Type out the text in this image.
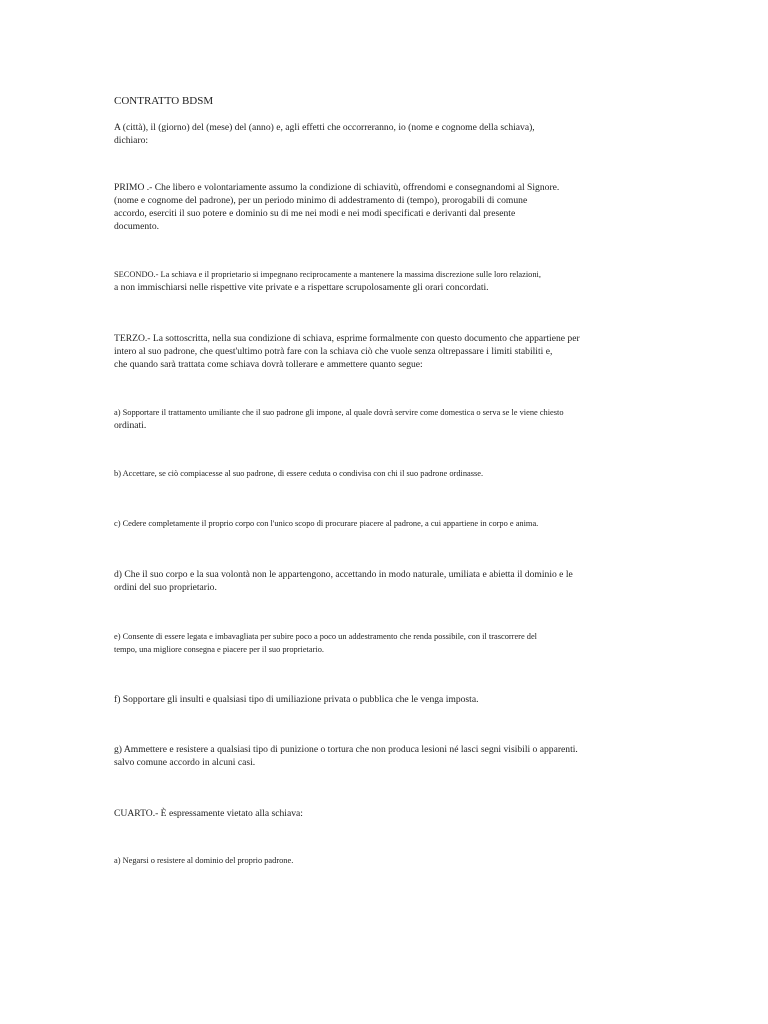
CONTRATTO BDSM
A (città), il (giorno) del (mese) del (anno) e, agli effetti che occorreranno, io (nome e cognome della schiava),
dichiaro:
PRIMO .- Che libero e volontariamente assumo la condizione di schiavitù, offrendomi e consegnandomi al Signore.
(nome e cognome del padrone), per un periodo minimo di addestramento di (tempo), prorogabili di comune
accordo, eserciti il suo potere e dominio su di me nei modi e nei modi specificati e derivanti dal presente
documento.
SECONDO.- La schiava e il proprietario si impegnano reciprocamente a mantenere la massima discrezione sulle loro relazioni,
a non immischiarsi nelle rispettive vite private e a rispettare scrupolosamente gli orari concordati.
TERZO.- La sottoscritta, nella sua condizione di schiava, esprime formalmente con questo documento che appartiene per
intero al suo padrone, che quest'ultimo potrà fare con la schiava ciò che vuole senza oltrepassare i limiti stabiliti e,
che quando sarà trattata come schiava dovrà tollerare e ammettere quanto segue:
a) Sopportare il trattamento umiliante che il suo padrone gli impone, al quale dovrà servire come domestica o serva se le viene chiesto
ordinati.
b) Accettare, se ciò compiacesse al suo padrone, di essere ceduta o condivisa con chi il suo padrone ordinasse.
c) Cedere completamente il proprio corpo con l'unico scopo di procurare piacere al padrone, a cui appartiene in corpo e anima.
d) Che il suo corpo e la sua volontà non le appartengono, accettando in modo naturale, umiliata e abietta il dominio e le
ordini del suo proprietario.
e) Consente di essere legata e imbavagliata per subire poco a poco un addestramento che renda possibile, con il trascorrere del
tempo, una migliore consegna e piacere per il suo proprietario.
f) Sopportare gli insulti e qualsiasi tipo di umiliazione privata o pubblica che le venga imposta.
g) Ammettere e resistere a qualsiasi tipo di punizione o tortura che non produca lesioni né lasci segni visibili o apparenti.
salvo comune accordo in alcuni casi.
CUARTO.- È espressamente vietato alla schiava:
a) Negarsi o resistere al dominio del proprio padrone.
